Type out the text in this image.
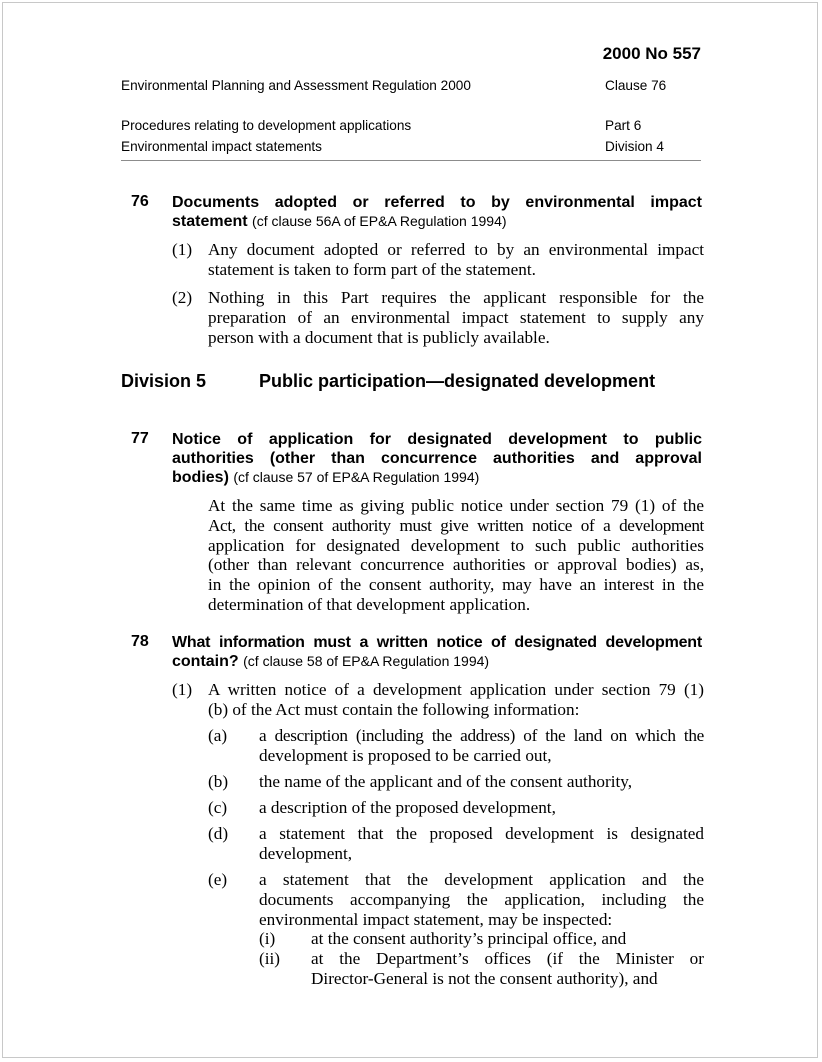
2000 No 557
Environmental Planning and Assessment Regulation 2000	Clause 76
Procedures relating to development applications	Part 6
Environmental impact statements	Division 4
76 Documents adopted or referred to by environmental impact
statement (cf clause 56A of EP&A Regulation 1994)
(1) Any document adopted or referred to by an environmental impact
statement is taken to form part of the statement.
(2) Nothing in this Part requires the applicant responsible for the
preparation of an environmental impact statement to supply any
person with a document that is publicly available.
Division 5	Public participation—designated development
77 Notice of application for designated development to public
authorities (other than concurrence authorities and approval
bodies) (cf clause 57 of EP&A Regulation 1994)
At the same time as giving public notice under section 79 (1) of the
Act, the consent authority must give written notice of a development
application for designated development to such public authorities
(other than relevant concurrence authorities or approval bodies) as,
in the opinion of the consent authority, may have an interest in the
determination of that development application.
78 What information must a written notice of designated development
contain? (cf clause 58 of EP&A Regulation 1994)
(1) A written notice of a development application under section 79 (1)
(b) of the Act must contain the following information:
(a) a description (including the address) of the land on which the
development is proposed to be carried out,
(b) the name of the applicant and of the consent authority,
(c) a description of the proposed development,
(d) a statement that the proposed development is designated
development,
(e) a statement that the development application and the
documents accompanying the application, including the
environmental impact statement, may be inspected:
(i) at the consent authority’s principal office, and
(ii) at the Department’s offices (if the Minister or
Director-General is not the consent authority), and
